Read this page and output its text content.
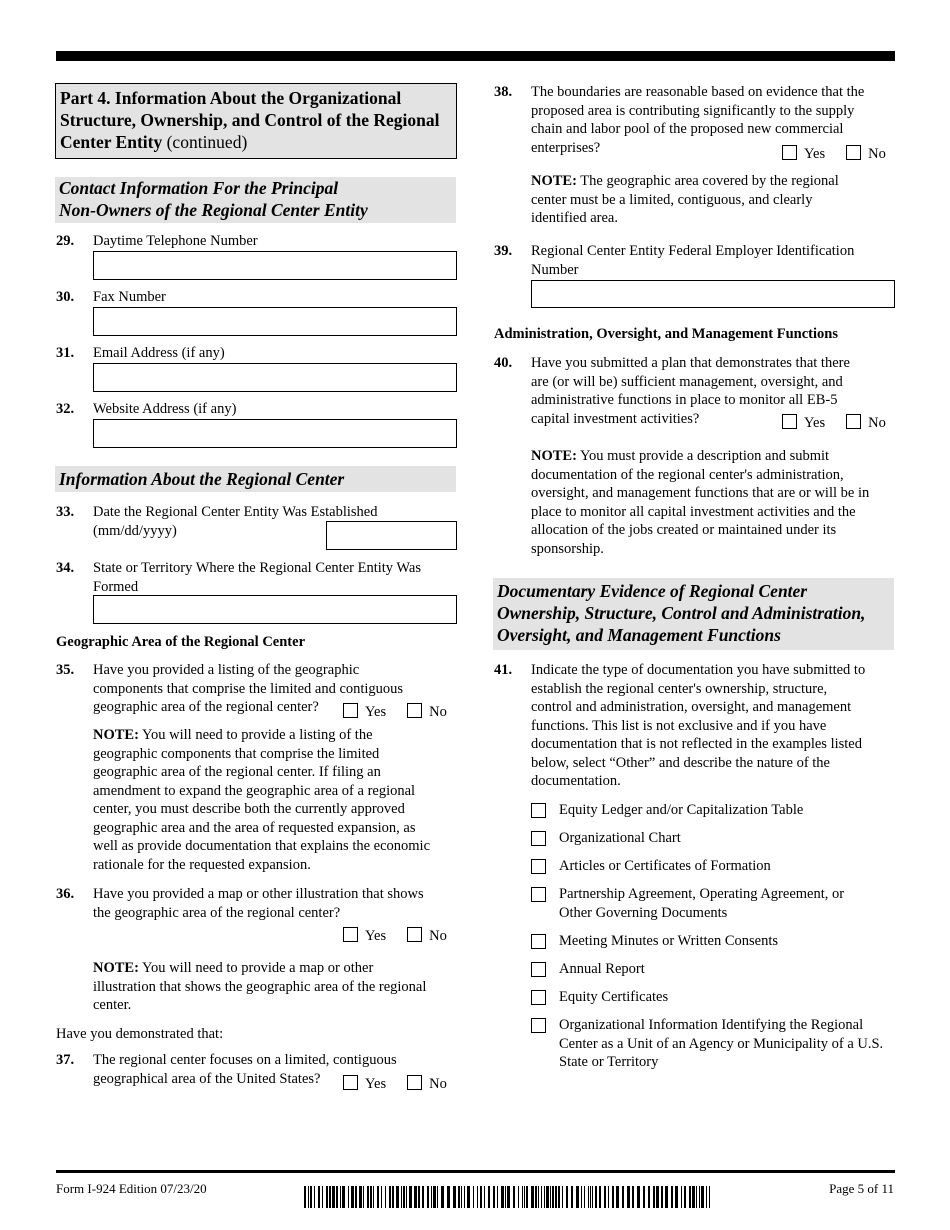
Part 4. Information About the Organizational Structure, Ownership, and Control of the Regional Center Entity (continued)
Contact Information For the Principal
Non-Owners of the Regional Center Entity
29. Daytime Telephone Number
30. Fax Number
31. Email Address (if any)
32. Website Address (if any)
Information About the Regional Center
33. Date the Regional Center Entity Was Established
(mm/dd/yyyy)
34. State or Territory Where the Regional Center Entity Was
Formed
Geographic Area of the Regional Center
35. Have you provided a listing of the geographic
components that comprise the limited and contiguous
geographic area of the regional center?	Yes	No
NOTE: You will need to provide a listing of the
geographic components that comprise the limited
geographic area of the regional center. If filing an
amendment to expand the geographic area of a regional
center, you must describe both the currently approved
geographic area and the area of requested expansion, as
well as provide documentation that explains the economic
rationale for the requested expansion.
36. Have you provided a map or other illustration that shows
the geographic area of the regional center?
Yes	No
NOTE: You will need to provide a map or other
illustration that shows the geographic area of the regional
center.
Have you demonstrated that:
37. The regional center focuses on a limited, contiguous
geographical area of the United States?	Yes	No
38. The boundaries are reasonable based on evidence that the
proposed area is contributing significantly to the supply
chain and labor pool of the proposed new commercial
enterprises?	Yes	No
NOTE: The geographic area covered by the regional
center must be a limited, contiguous, and clearly
identified area.
39. Regional Center Entity Federal Employer Identification
Number
Administration, Oversight, and Management Functions
40. Have you submitted a plan that demonstrates that there
are (or will be) sufficient management, oversight, and
administrative functions in place to monitor all EB-5
capital investment activities?	Yes	No
NOTE: You must provide a description and submit
documentation of the regional center's administration,
oversight, and management functions that are or will be in
place to monitor all capital investment activities and the
allocation of the jobs created or maintained under its
sponsorship.
Documentary Evidence of Regional Center
Ownership, Structure, Control and Administration,
Oversight, and Management Functions
41. Indicate the type of documentation you have submitted to
establish the regional center's ownership, structure,
control and administration, oversight, and management
functions. This list is not exclusive and if you have
documentation that is not reflected in the examples listed
below, select “Other” and describe the nature of the
documentation.
Equity Ledger and/or Capitalization Table
Organizational Chart
Articles or Certificates of Formation
Partnership Agreement, Operating Agreement, or Other Governing Documents
Meeting Minutes or Written Consents
Annual Report
Equity Certificates
Organizational Information Identifying the Regional Center as a Unit of an Agency or Municipality of a U.S. State or Territory
Form I-924 Edition 07/23/20	Page 5 of 11
